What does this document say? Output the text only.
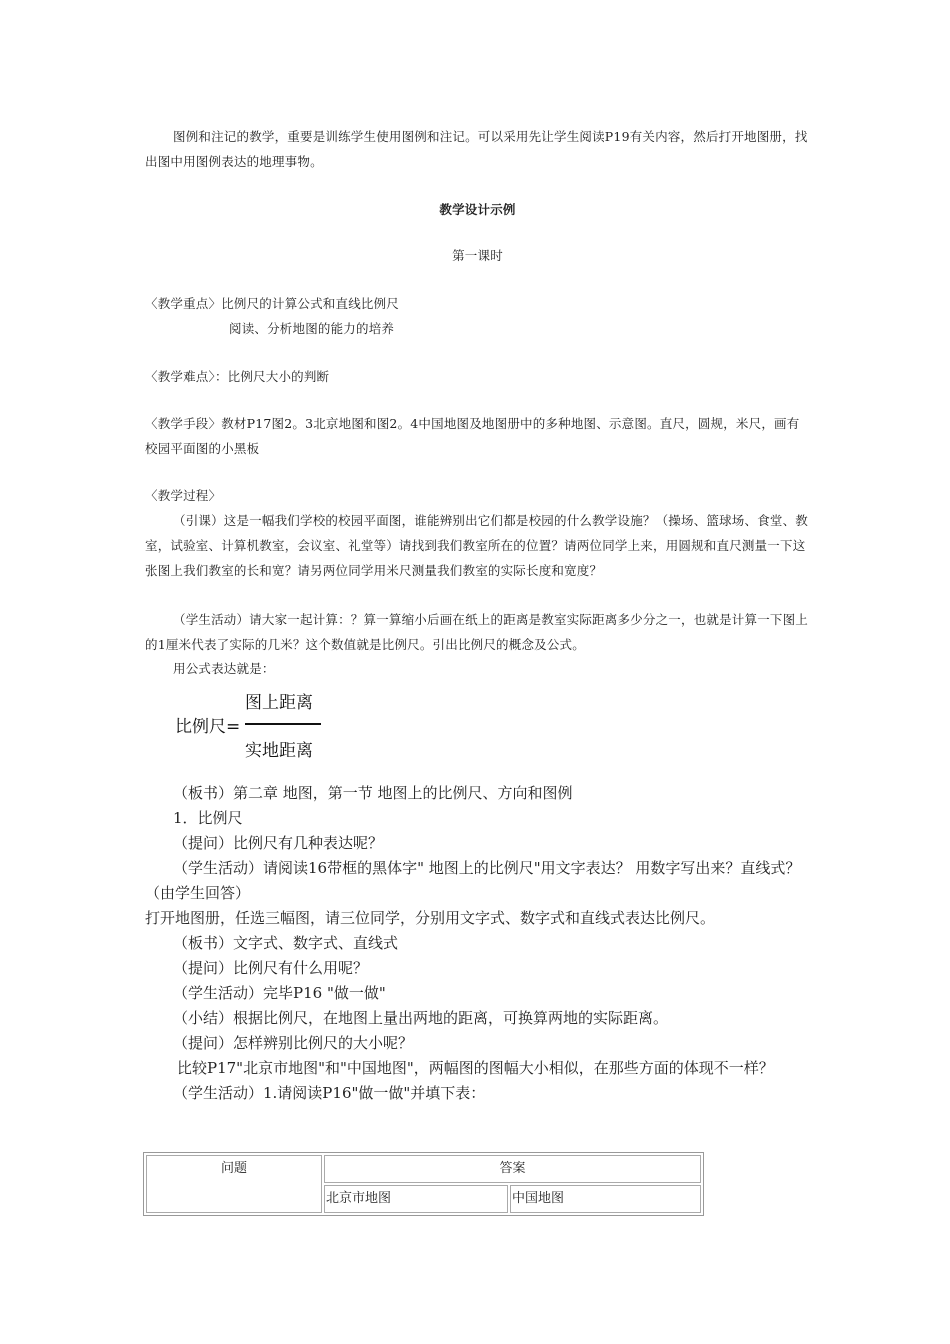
图例和注记的教学，重要是训练学生使用图例和注记。可以采用先让学生阅读P19有关内容，然后打开地图册，找出图中用图例表达的地理事物。
教学设计示例
第一课时

〈教学重点〉比例尺的计算公式和直线比例尺

阅读、分析地图的能力的培养

〈教学难点〉：比例尺大小的判断
〈教学手段〉教材P17图2。3北京地图和图2。4中国地图及地图册中的多种地图、示意图。直尺，圆规，米尺，画有校园平面图的小黑板
〈教学过程〉
（引课）这是一幅我们学校的校园平面图，谁能辨别出它们都是校园的什么教学设施？（操场、篮球场、食堂、教室，试验室、计算机教室，会议室、礼堂等）请找到我们教室所在的位置？请两位同学上来，用圆规和直尺测量一下这张图上我们教室的长和宽？请另两位同学用米尺测量我们教室的实际长度和宽度？
（学生活动）请大家一起计算：？算一算缩小后画在纸上的距离是教室实际距离多少分之一，也就是计算一下图上的1厘米代表了实际的几米？这个数值就是比例尺。引出比例尺的概念及公式。
用公式表达就是：
比例尺=
图上距离
实地距离

（板书）第二章 地图，第一节 地图上的比例尺、方向和图例

1．比例尺

（提问）比例尺有几种表达呢？

（学生活动）请阅读16带框的黑体字" 地图上的比例尺"用文字表达？ 用数字写出来？直线式？ （由学生回答）

打开地图册，任选三幅图，请三位同学，分别用文字式、数字式和直线式表达比例尺。

（板书）文字式、数字式、直线式

（提问）比例尺有什么用呢？

（学生活动）完毕P16 "做一做"

（小结）根据比例尺，在地图上量出两地的距离，可换算两地的实际距离。

（提问）怎样辨别比例尺的大小呢？

比较P17"北京市地图"和"中国地图"，两幅图的图幅大小相似，在那些方面的体现不一样？

（学生活动）1.请阅读P16"做一做"并填下表：

问题	答案	
	北京市地图	中国地图
